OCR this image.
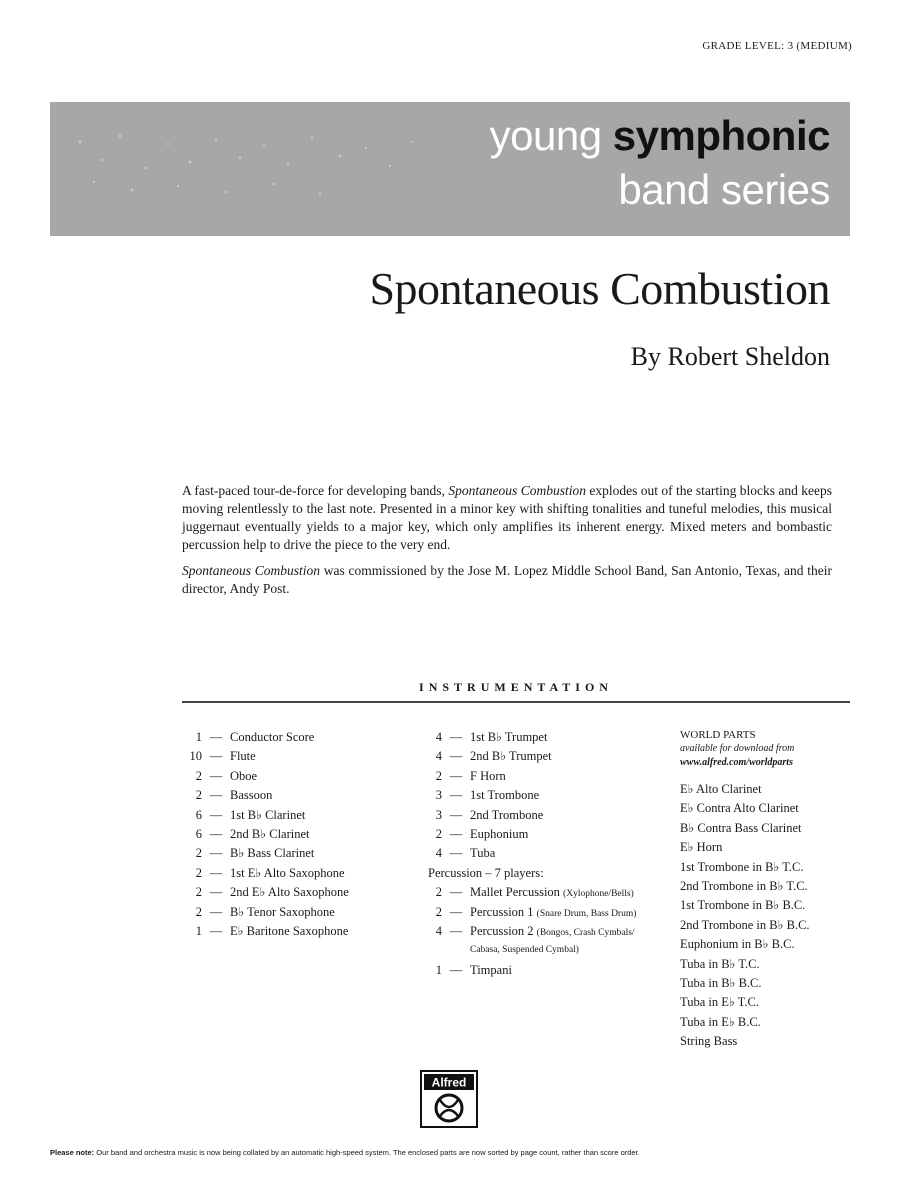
GRADE LEVEL: 3 (MEDIUM)
young symphonic
band series
Spontaneous Combustion
By Robert Sheldon

A fast-paced tour-de-force for developing bands, Spontaneous Combustion explodes out of the starting blocks and keeps moving relentlessly to the last note. Presented in a minor key with shifting tonalities and tuneful melodies, this musical juggernaut eventually yields to a major key, which only amplifies its inherent energy. Mixed meters and bombastic percussion help to drive the piece to the very end.

Spontaneous Combustion was commissioned by the Jose M. Lopez Middle School Band, San Antonio, Texas, and their director, Andy Post.

INSTRUMENTATION
1 — Conductor Score
10 — Flute
2 — Oboe
2 — Bassoon
6 — 1st B♭ Clarinet
6 — 2nd B♭ Clarinet
2 — B♭ Bass Clarinet
2 — 1st E♭ Alto Saxophone
2 — 2nd E♭ Alto Saxophone
2 — B♭ Tenor Saxophone
1 — E♭ Baritone Saxophone
4 — 1st B♭ Trumpet
4 — 2nd B♭ Trumpet
2 — F Horn
3 — 1st Trombone
3 — 2nd Trombone
2 — Euphonium
4 — Tuba
Percussion – 7 players:
2 — Mallet Percussion (Xylophone/Bells)
2 — Percussion 1 (Snare Drum, Bass Drum)
4 — Percussion 2 (Bongos, Crash Cymbals/
Cabasa, Suspended Cymbal)
1 — Timpani
WORLD PARTS
available for download from
www.alfred.com/worldparts
E♭ Alto Clarinet
E♭ Contra Alto Clarinet
B♭ Contra Bass Clarinet
E♭ Horn
1st Trombone in B♭ T.C.
2nd Trombone in B♭ T.C.
1st Trombone in B♭ B.C.
2nd Trombone in B♭ B.C.
Euphonium in B♭ B.C.
Tuba in B♭ T.C.
Tuba in B♭ B.C.
Tuba in E♭ T.C.
Tuba in E♭ B.C.
String Bass
Alfred
Please note: Our band and orchestra music is now being collated by an automatic high-speed system. The enclosed parts are now sorted by page count, rather than score order.
